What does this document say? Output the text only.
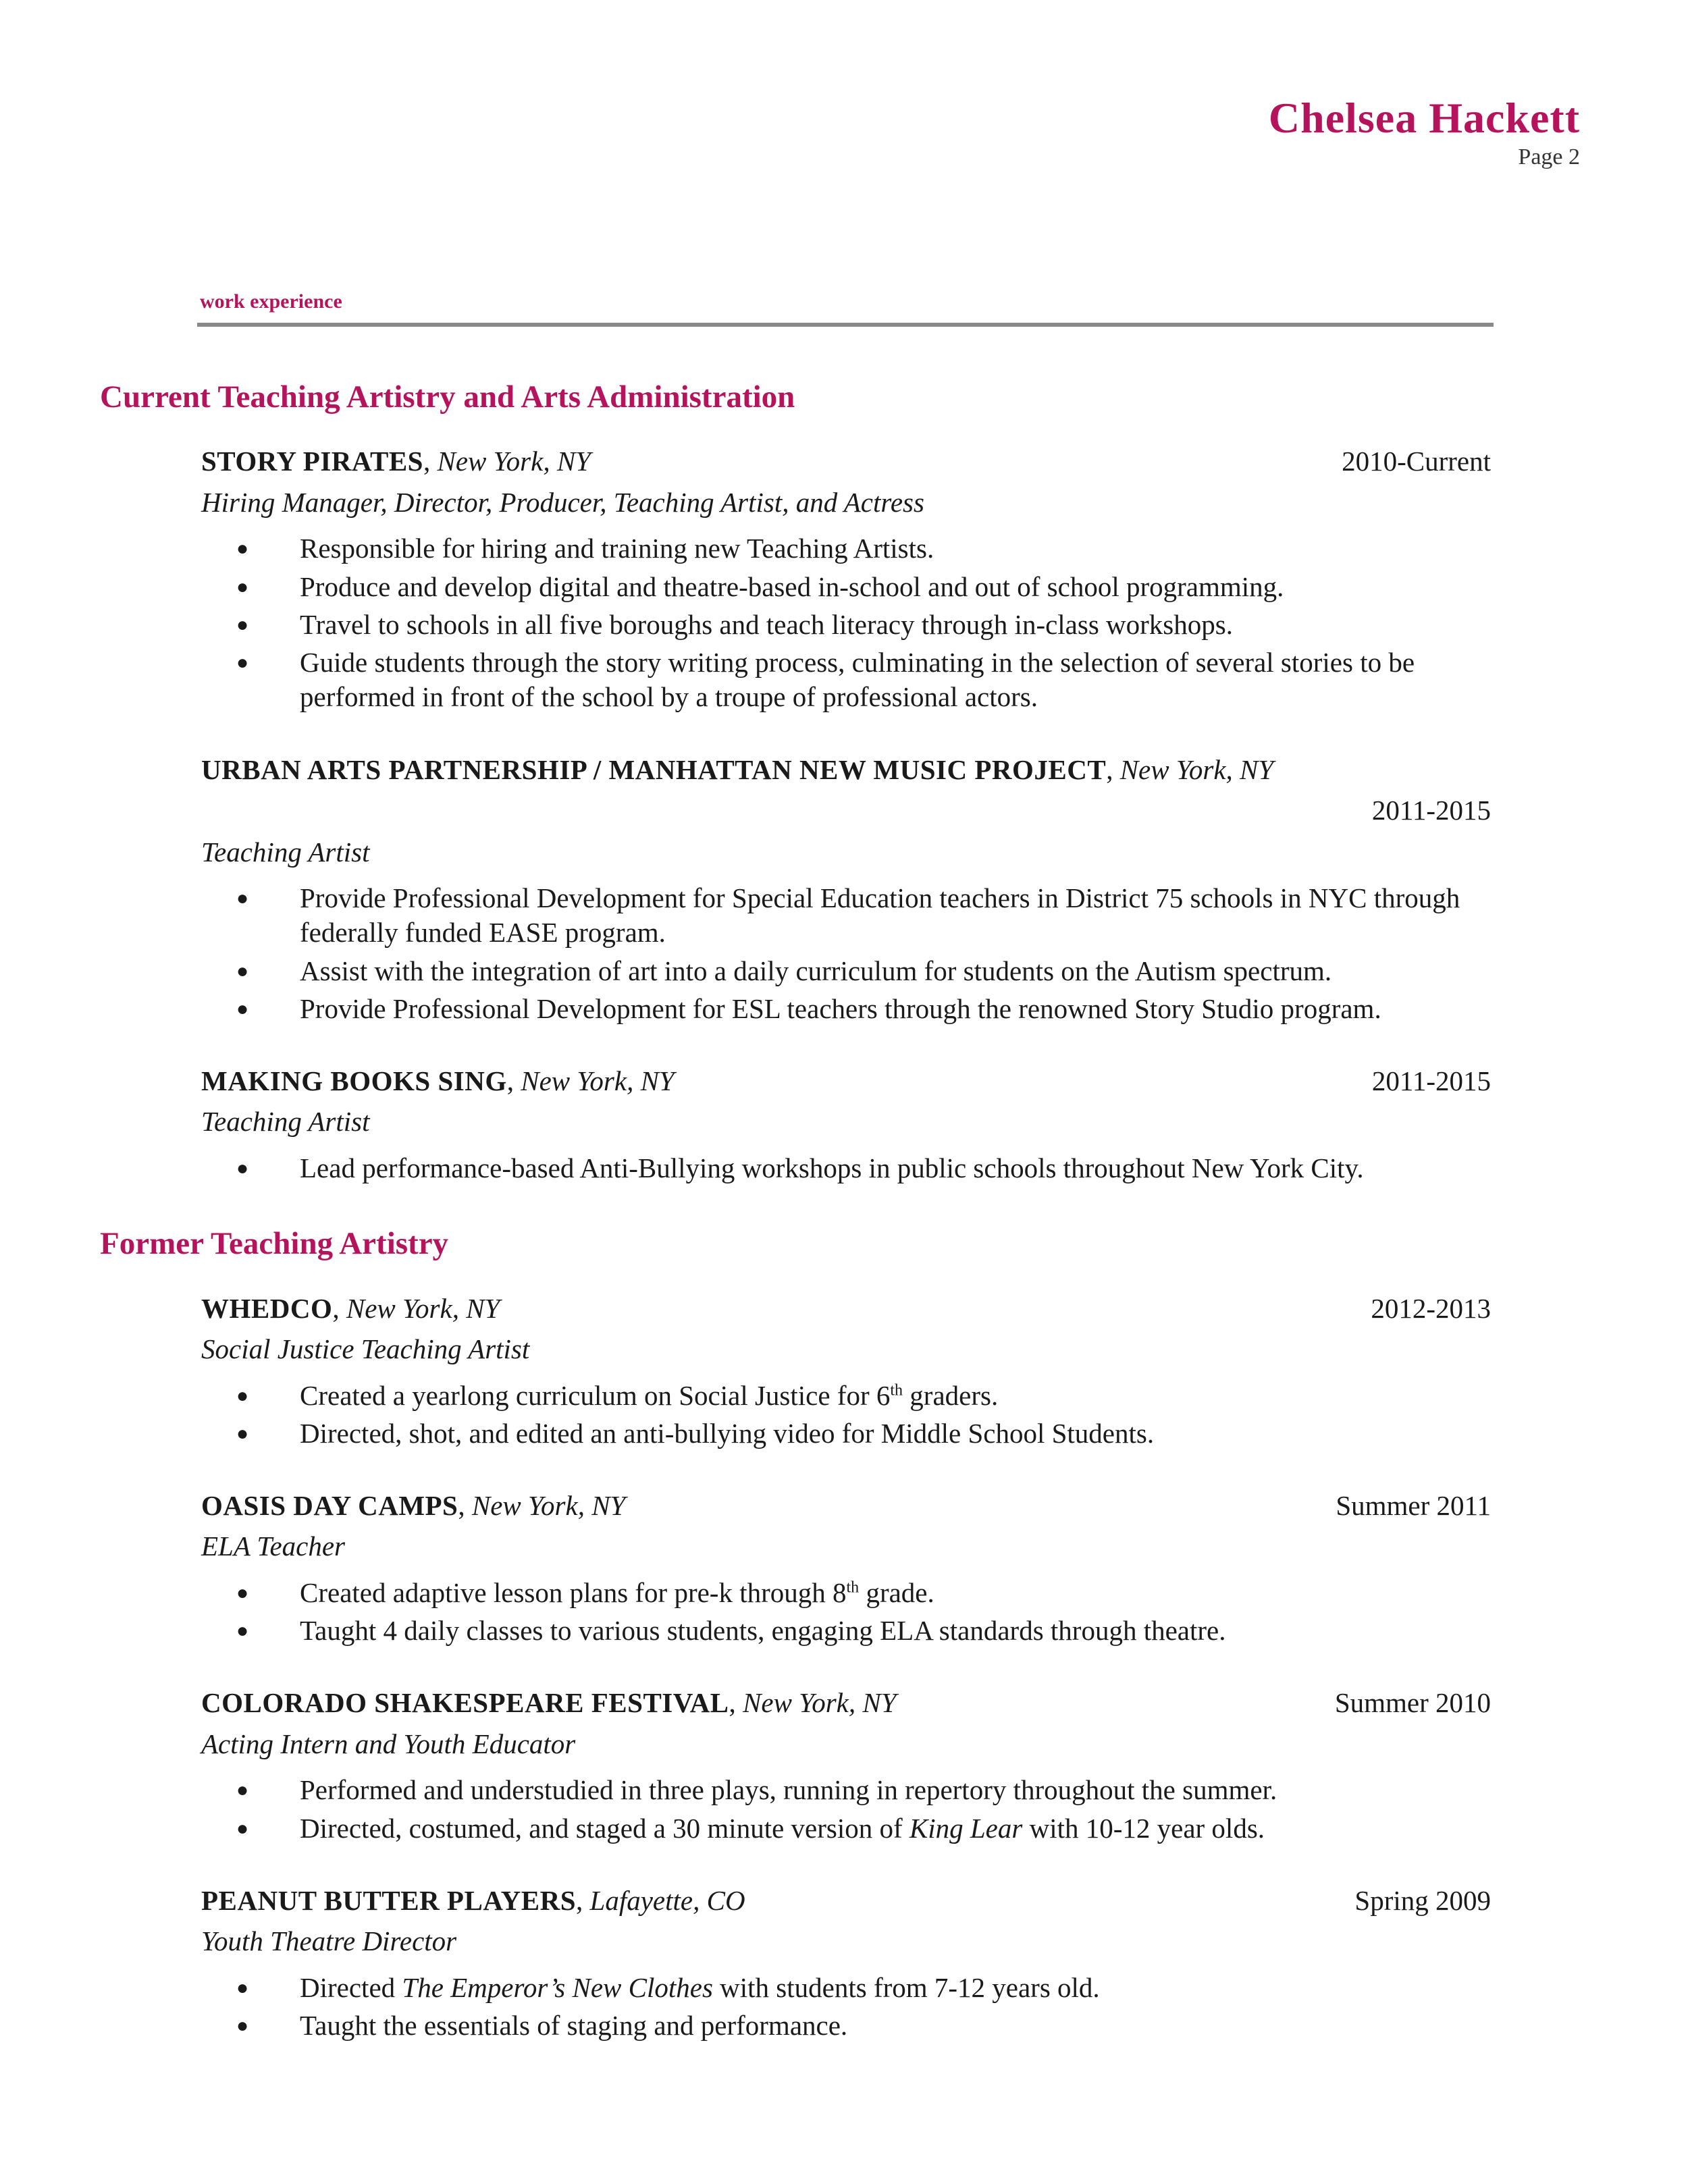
Chelsea Hackett
Page 2
work experience
Current Teaching Artistry and Arts Administration
STORY PIRATES, New York, NY	2010-Current
Hiring Manager, Director, Producer, Teaching Artist, and Actress
● Responsible for hiring and training new Teaching Artists.
● Produce and develop digital and theatre-based in-school and out of school programming.
● Travel to schools in all five boroughs and teach literacy through in-class workshops.
● Guide students through the story writing process, culminating in the selection of several stories to be performed in front of the school by a troupe of professional actors.
URBAN ARTS PARTNERSHIP / MANHATTAN NEW MUSIC PROJECT, New York, NY
2011-2015
Teaching Artist
● Provide Professional Development for Special Education teachers in District 75 schools in NYC through federally funded EASE program.
● Assist with the integration of art into a daily curriculum for students on the Autism spectrum.
● Provide Professional Development for ESL teachers through the renowned Story Studio program.
MAKING BOOKS SING, New York, NY	2011-2015
Teaching Artist
● Lead performance-based Anti-Bullying workshops in public schools throughout New York City.
Former Teaching Artistry
WHEDCO, New York, NY	2012-2013
Social Justice Teaching Artist
● Created a yearlong curriculum on Social Justice for 6th graders.
● Directed, shot, and edited an anti-bullying video for Middle School Students.
OASIS DAY CAMPS, New York, NY	Summer 2011
ELA Teacher
● Created adaptive lesson plans for pre-k through 8th grade.
● Taught 4 daily classes to various students, engaging ELA standards through theatre.
COLORADO SHAKESPEARE FESTIVAL, New York, NY	Summer 2010
Acting Intern and Youth Educator
● Performed and understudied in three plays, running in repertory throughout the summer.
● Directed, costumed, and staged a 30 minute version of King Lear with 10-12 year olds.
PEANUT BUTTER PLAYERS, Lafayette, CO	Spring 2009
Youth Theatre Director
● Directed The Emperor’s New Clothes with students from 7-12 years old.
● Taught the essentials of staging and performance.
